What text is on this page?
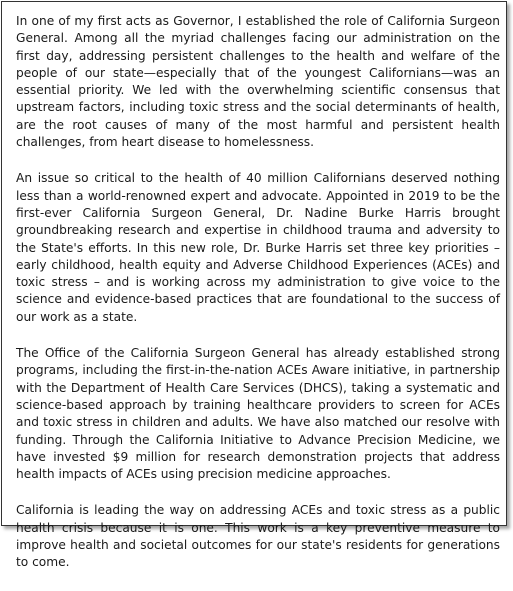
In one of my first acts as Governor, I established the role of California Surgeon General. Among all the myriad challenges facing our administration on the first day, addressing persistent challenges to the health and welfare of the people of our state—especially that of the youngest Californians—was an essential priority. We led with the overwhelming scientific consensus that upstream factors, including toxic stress and the social determinants of health, are the root causes of many of the most harmful and persistent health challenges, from heart disease to homelessness.

An issue so critical to the health of 40 million Californians deserved nothing less than a world-renowned expert and advocate. Appointed in 2019 to be the first-ever California Surgeon General, Dr. Nadine Burke Harris brought groundbreaking research and expertise in childhood trauma and adversity to the State's efforts. In this new role, Dr. Burke Harris set three key priorities – early childhood, health equity and Adverse Childhood Experiences (ACEs) and toxic stress – and is working across my administration to give voice to the science and evidence-based practices that are foundational to the success of our work as a state.

The Office of the California Surgeon General has already established strong programs, including the first-in-the-nation ACEs Aware initiative, in partnership with the Department of Health Care Services (DHCS), taking a systematic and science-based approach by training healthcare providers to screen for ACEs and toxic stress in children and adults. We have also matched our resolve with funding. Through the California Initiative to Advance Precision Medicine, we have invested $9 million for research demonstration projects that address health impacts of ACEs using precision medicine approaches.

California is leading the way on addressing ACEs and toxic stress as a public health crisis because it is one. This work is a key preventive measure to improve health and societal outcomes for our state's residents for generations to come.
